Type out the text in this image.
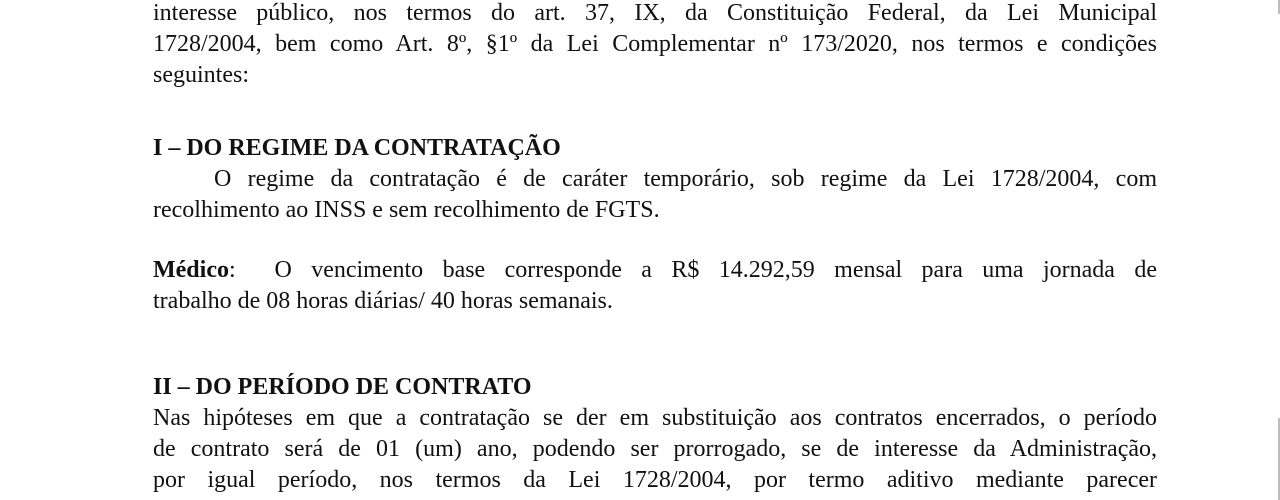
interesse público, nos termos do art. 37, IX, da Constituição Federal, da Lei Municipal
1728/2004, bem como Art. 8º, §1º da Lei Complementar nº 173/2020, nos termos e condições
seguintes:
I – DO REGIME DA CONTRATAÇÃO
O regime da contratação é de caráter temporário, sob regime da Lei 1728/2004, com
recolhimento ao INSS e sem recolhimento de FGTS.
Médico: O vencimento base corresponde a R$ 14.292,59 mensal para uma jornada de
trabalho de 08 horas diárias/ 40 horas semanais.
II – DO PERÍODO DE CONTRATO
Nas hipóteses em que a contratação se der em substituição aos contratos encerrados, o período
de contrato será de 01 (um) ano, podendo ser prorrogado, se de interesse da Administração,
por igual período, nos termos da Lei 1728/2004, por termo aditivo mediante parecer
